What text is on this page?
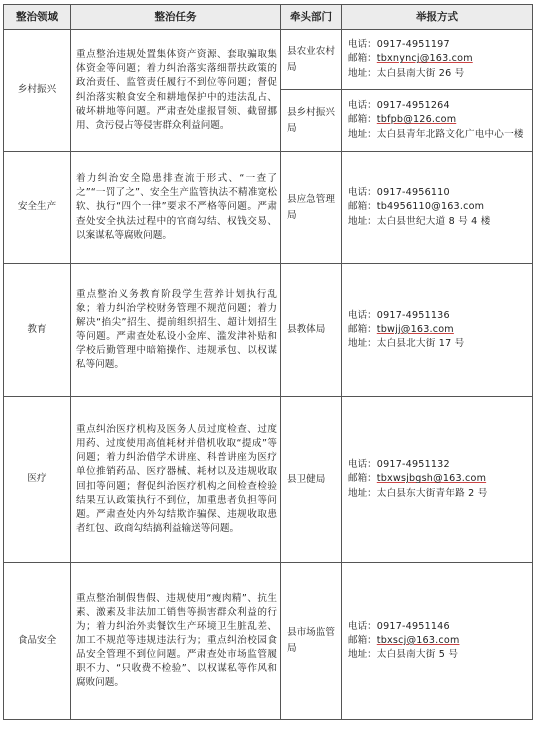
整治领域	整治任务	牵头部门	举报方式
乡村振兴	重点整治违规处置集体资产资源、套取骗取集体资金等问题；着力纠治落实落细帮扶政策的政治责任、监管责任履行不到位等问题；督促纠治落实粮食安全和耕地保护中的违法乱占、破坏耕地等问题。严肃查处虚报冒领、截留挪用、贪污侵占等侵害群众利益问题。	县农业农村局	电话：0917-4951197
邮箱：tbxnyncj@163.com
地址：太白县南大街 26 号

		县乡村振兴局	电话：0917-4951264
邮箱：tbfpb@126.com
地址：太白县青年北路文化广电中心一楼

安全生产	着力纠治安全隐患排查流于形式、“一查了之”“一罚了之”、安全生产监管执法不精准宽松软、执行“四个一律”要求不严格等问题。严肃查处安全执法过程中的官商勾结、权钱交易、以案谋私等腐败问题。	县应急管理局	电话：0917-4956110
邮箱：tb4956110@163.com
地址：太白县世纪大道 8 号 4 楼

教育	重点整治义务教育阶段学生营养计划执行乱象；着力纠治学校财务管理不规范问题；着力解决“掐尖”招生、提前组织招生、超计划招生等问题。严肃查处私设小金库、滥发津补贴和学校后勤管理中暗箱操作、违规承包、以权谋私等问题。	县教体局	电话：0917-4951136
邮箱：tbwjj@163.com
地址：太白县北大街 17 号

医疗	重点纠治医疗机构及医务人员过度检查、过度用药、过度使用高值耗材并借机收取“提成”等问题；着力纠治借学术讲座、科普讲座为医疗单位推销药品、医疗器械、耗材以及违规收取回扣等问题；督促纠治医疗机构之间检查检验结果互认政策执行不到位，加重患者负担等问题。严肃查处内外勾结欺诈骗保、违规收取患者红包、政商勾结搞利益输送等问题。	县卫健局	电话：0917-4951132
邮箱：tbxwsjbgsh@163.com
地址：太白县东大街青年路 2 号

食品安全	重点整治制假售假、违规使用“瘦肉精”、抗生素、激素及非法加工销售等损害群众利益的行为；着力纠治外卖餐饮生产环境卫生脏乱差、加工不规范等违规违法行为；重点纠治校园食品安全管理不到位问题。严肃查处市场监管履职不力、“只收费不检验”、以权谋私等作风和腐败问题。	县市场监管局	电话：0917-4951146
邮箱：tbxscj@163.com
地址：太白县南大街 5 号
